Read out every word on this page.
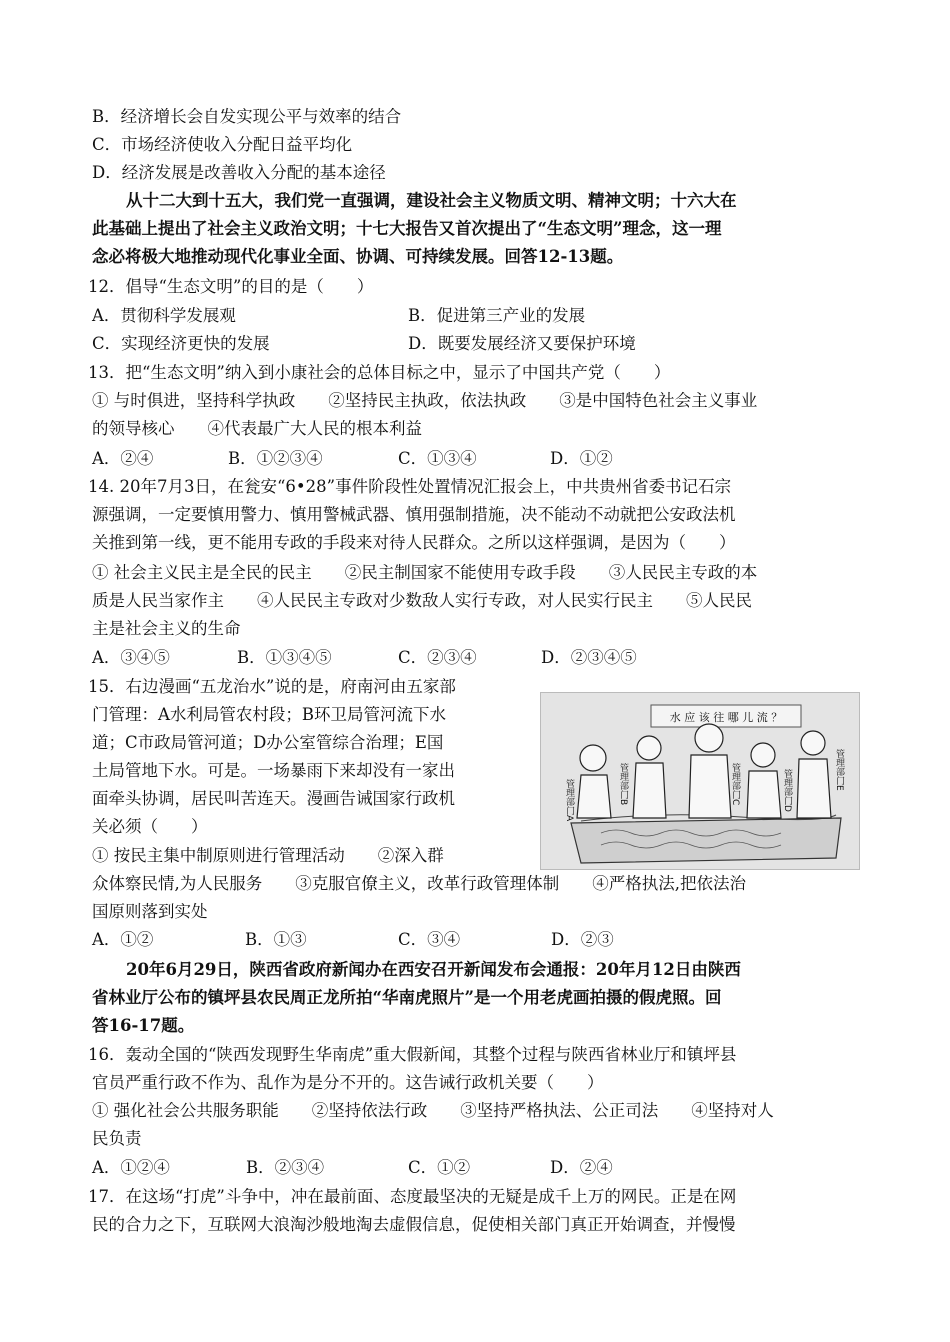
B．经济增长会自发实现公平与效率的结合
C．市场经济使收入分配日益平均化
D．经济发展是改善收入分配的基本途径
从十二大到十五大，我们党一直强调，建设社会主义物质文明、精神文明；十六大在
此基础上提出了社会主义政治文明；十七大报告又首次提出了“生态文明”理念，这一理
念必将极大地推动现代化事业全面、协调、可持续发展。回答12-13题。
12．倡导“生态文明”的目的是（　　）
A．贯彻科学发展观	B．促进第三产业的发展
C．实现经济更快的发展	D．既要发展经济又要保护环境
13．把“生态文明”纳入到小康社会的总体目标之中，显示了中国共产党（　　）
① 与时俱进，坚持科学执政　　②坚持民主执政，依法执政　　③是中国特色社会主义事业
的领导核心　　④代表最广大人民的根本利益
A．②④	B．①②③④	C．①③④	D．①②
14. 20年7月3日，在瓮安“6•28”事件阶段性处置情况汇报会上，中共贵州省委书记石宗
源强调，一定要慎用警力、慎用警械武器、慎用强制措施，决不能动不动就把公安政法机
关推到第一线，更不能用专政的手段来对待人民群众。之所以这样强调，是因为（　　）
① 社会主义民主是全民的民主　　②民主制国家不能使用专政手段　　③人民民主专政的本
质是人民当家作主　　④人民民主专政对少数敌人实行专政，对人民实行民主　　⑤人民民
主是社会主义的生命
A．③④⑤	B．①③④⑤	C．②③④	D．②③④⑤
15．右边漫画“五龙治水”说的是，府南河由五家部
门管理：A水利局管农村段；B环卫局管河流下水
道；C市政局管河道；D办公室管综合治理；E国
土局管地下水。可是。一场暴雨下来却没有一家出
面牵头协调，居民叫苦连天。漫画告诫国家行政机
关必须（　　）
① 按民主集中制原则进行管理活动　　②深入群
众体察民情,为人民服务　　③克服官僚主义，改革行政管理体制　　④严格执法,把依法治
国原则落到实处
A．①②	B．①③	C．③④	D．②③
水 应 该 往 哪 儿 流 ？
管理部门A	管理部门B	管理部门C	管理部门D	管理部门E
20年6月29日，陕西省政府新闻办在西安召开新闻发布会通报：20年月12日由陕西
省林业厅公布的镇坪县农民周正龙所拍“华南虎照片”是一个用老虎画拍摄的假虎照。回
答16-17题。
16．轰动全国的“陕西发现野生华南虎”重大假新闻，其整个过程与陕西省林业厅和镇坪县
官员严重行政不作为、乱作为是分不开的。这告诫行政机关要（　　）
① 强化社会公共服务职能　　②坚持依法行政　　③坚持严格执法、公正司法　　④坚持对人
民负责
A．①②④	B．②③④	C．①②	D．②④
17．在这场“打虎”斗争中，冲在最前面、态度最坚决的无疑是成千上万的网民。正是在网
民的合力之下，互联网大浪淘沙般地淘去虚假信息，促使相关部门真正开始调查，并慢慢
